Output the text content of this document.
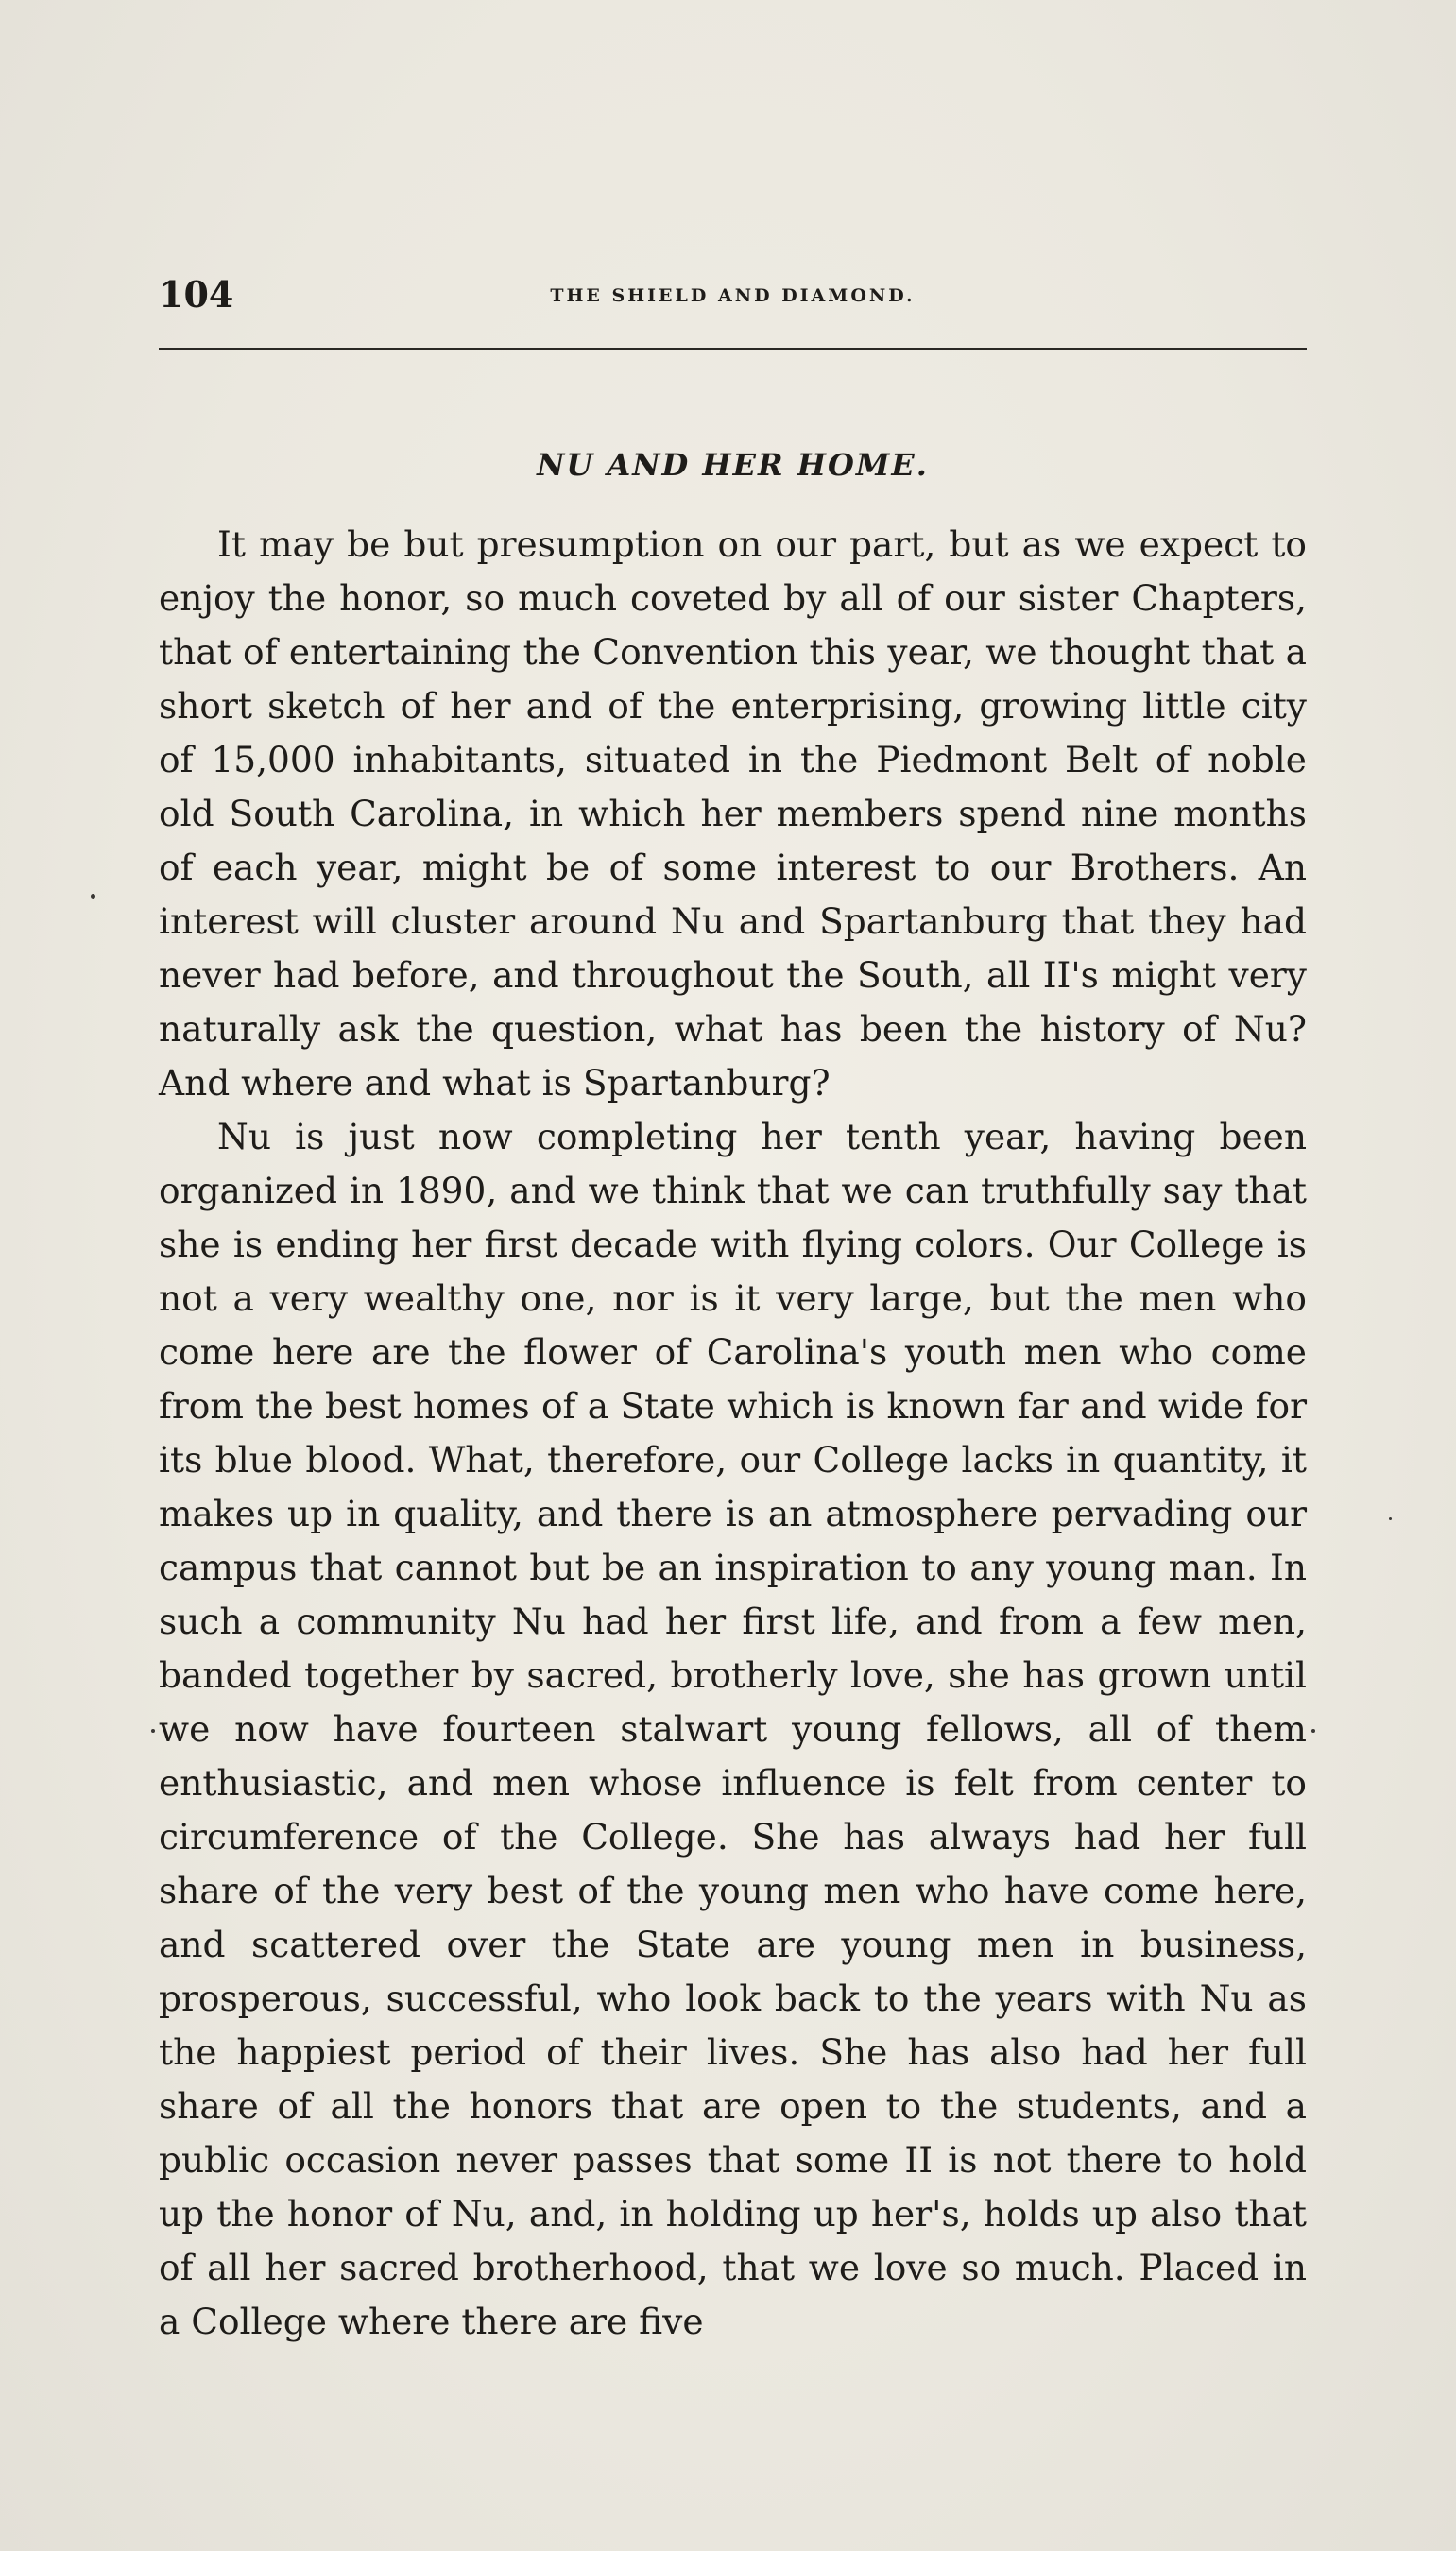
104	THE SHIELD AND DIAMOND.
NU AND HER HOME.

It may be but presumption on our part, but as we expect to enjoy the honor, so much coveted by all of our sister Chapters, that of entertaining the Convention this year, we thought that a short sketch of her and of the enterprising, growing little city of 15,000 inhabitants, situated in the Piedmont Belt of noble old South Carolina, in which her members spend nine months of each year, might be of some interest to our Brothers. An interest will cluster around Nu and Spartanburg that they had never had before, and throughout the South, all II's might very naturally ask the question, what has been the history of Nu? And where and what is Spartanburg?

Nu is just now completing her tenth year, having been organized in 1890, and we think that we can truthfully say that she is ending her first decade with flying colors. Our College is not a very wealthy one, nor is it very large, but the men who come here are the flower of Carolina's youth men who come from the best homes of a State which is known far and wide for its blue blood. What, therefore, our College lacks in quantity, it makes up in quality, and there is an atmosphere pervading our campus that cannot but be an inspiration to any young man. In such a community Nu had her first life, and from a few men, banded together by sacred, brotherly love, she has grown until we now have fourteen stalwart young fellows, all of them enthusiastic, and men whose influence is felt from center to circumference of the College. She has always had her full share of the very best of the young men who have come here, and scattered over the State are young men in business, prosperous, successful, who look back to the years with Nu as the happiest period of their lives. She has also had her full share of all the honors that are open to the students, and a public occasion never passes that some II is not there to hold up the honor of Nu, and, in holding up her's, holds up also that of all her sacred brotherhood, that we love so much. Placed in a College where there are five
